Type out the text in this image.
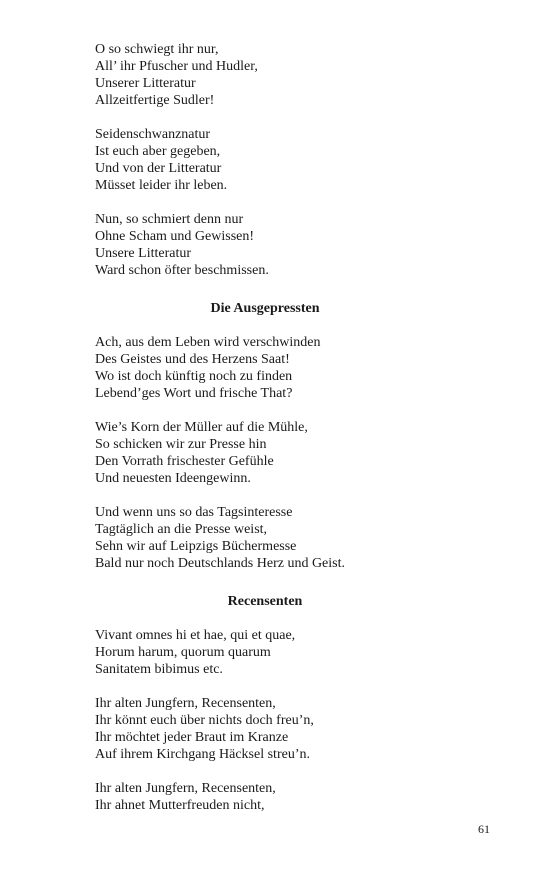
O so schwiegt ihr nur,
All’ ihr Pfuscher und Hudler,
Unserer Litteratur
Allzeitfertige Sudler!
Seidenschwanznatur
Ist euch aber gegeben,
Und von der Litteratur
Müsset leider ihr leben.
Nun, so schmiert denn nur
Ohne Scham und Gewissen!
Unsere Litteratur
Ward schon öfter beschmissen.
Die Ausgepressten
Ach, aus dem Leben wird verschwinden
Des Geistes und des Herzens Saat!
Wo ist doch künftig noch zu finden
Lebend’ges Wort und frische That?
Wie’s Korn der Müller auf die Mühle,
So schicken wir zur Presse hin
Den Vorrath frischester Gefühle
Und neuesten Ideengewinn.
Und wenn uns so das Tagsinteresse
Tagtäglich an die Presse weist,
Sehn wir auf Leipzigs Büchermesse
Bald nur noch Deutschlands Herz und Geist.
Recensenten
Vivant omnes hi et hae, qui et quae,
Horum harum, quorum quarum
Sanitatem bibimus etc.
Ihr alten Jungfern, Recensenten,
Ihr könnt euch über nichts doch freu’n,
Ihr möchtet jeder Braut im Kranze
Auf ihrem Kirchgang Häcksel streu’n.
Ihr alten Jungfern, Recensenten,
Ihr ahnet Mutterfreuden nicht,
61
